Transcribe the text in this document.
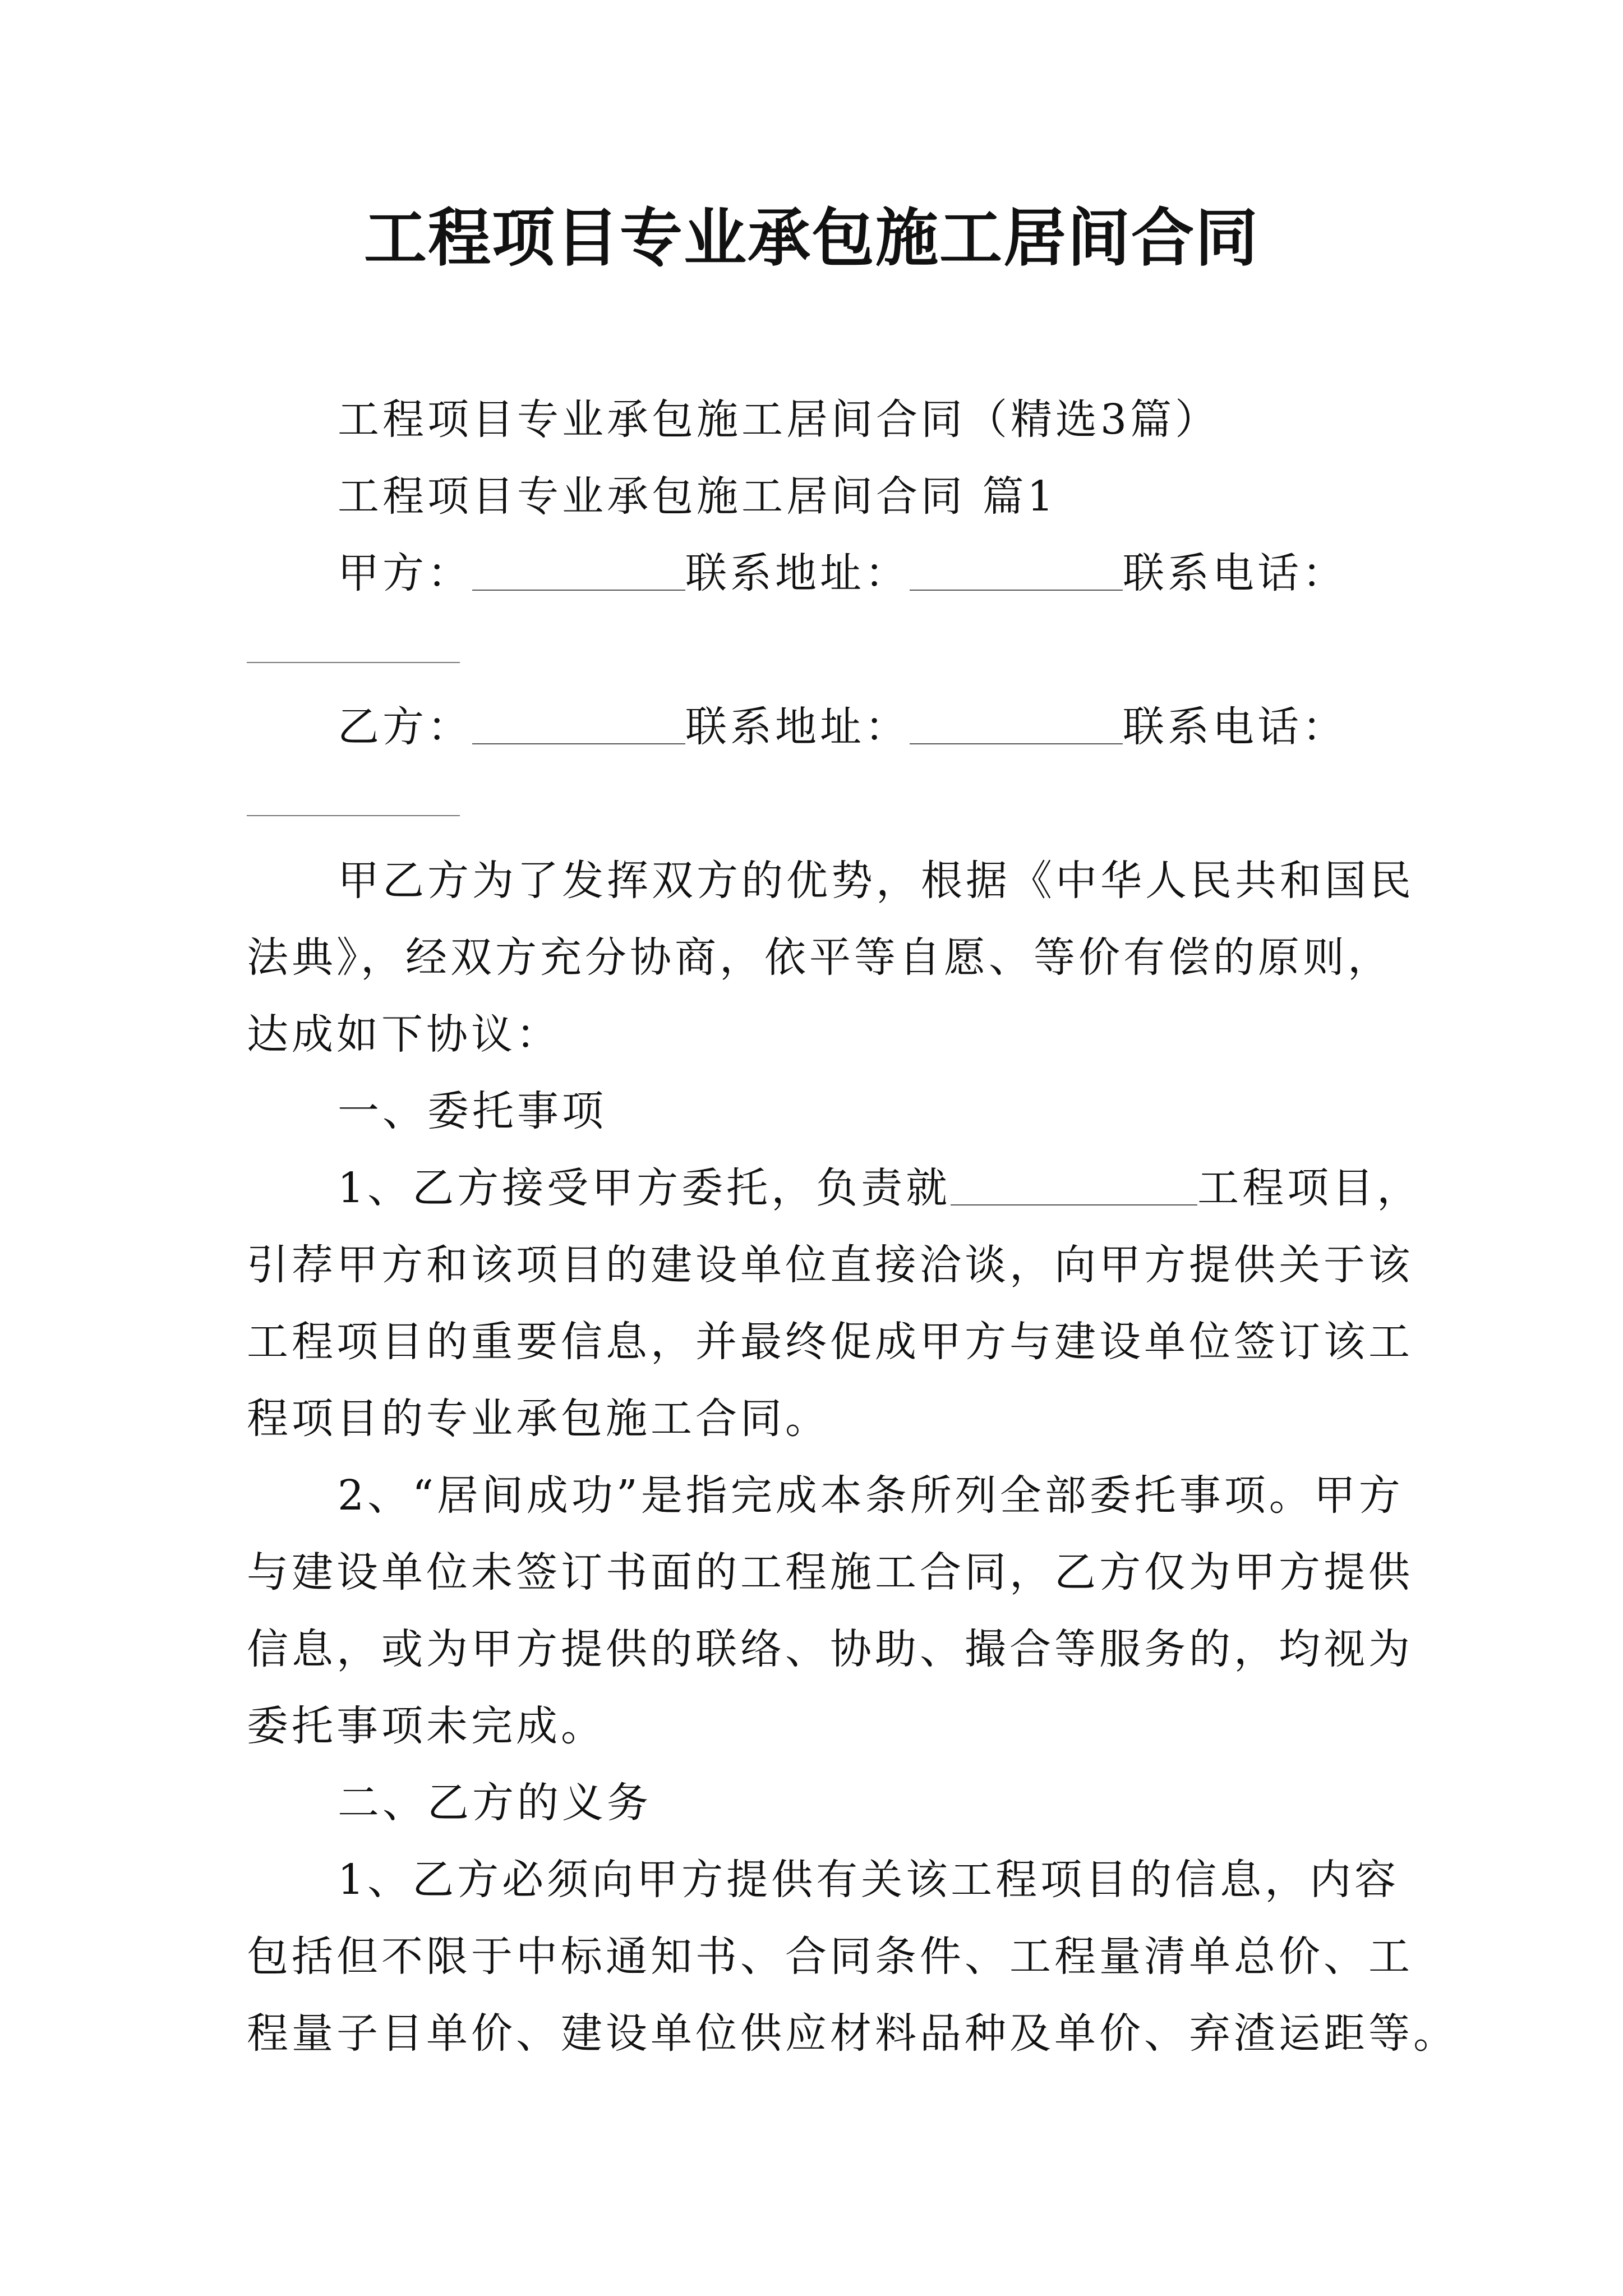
工程项目专业承包施工居间合同

工程项目专业承包施工居间合同（精选3篇）

工程项目专业承包施工居间合同 篇1

甲方：	联系地址：	联系电话：

乙方：	联系地址：	联系电话：

甲乙方为了发挥双方的优势，根据《中华人民共和国民

法典》，经双方充分协商，依平等自愿、等价有偿的原则，

达成如下协议：

一、委托事项

1、乙方接受甲方委托，负责就	工程项目，

引荐甲方和该项目的建设单位直接洽谈，向甲方提供关于该

工程项目的重要信息，并最终促成甲方与建设单位签订该工

程项目的专业承包施工合同。

2、“居间成功”是指完成本条所列全部委托事项。甲方

与建设单位未签订书面的工程施工合同，乙方仅为甲方提供

信息，或为甲方提供的联络、协助、撮合等服务的，均视为

委托事项未完成。

二、乙方的义务

1、乙方必须向甲方提供有关该工程项目的信息，内容

包括但不限于中标通知书、合同条件、工程量清单总价、工

程量子目单价、建设单位供应材料品种及单价、弃渣运距等。
